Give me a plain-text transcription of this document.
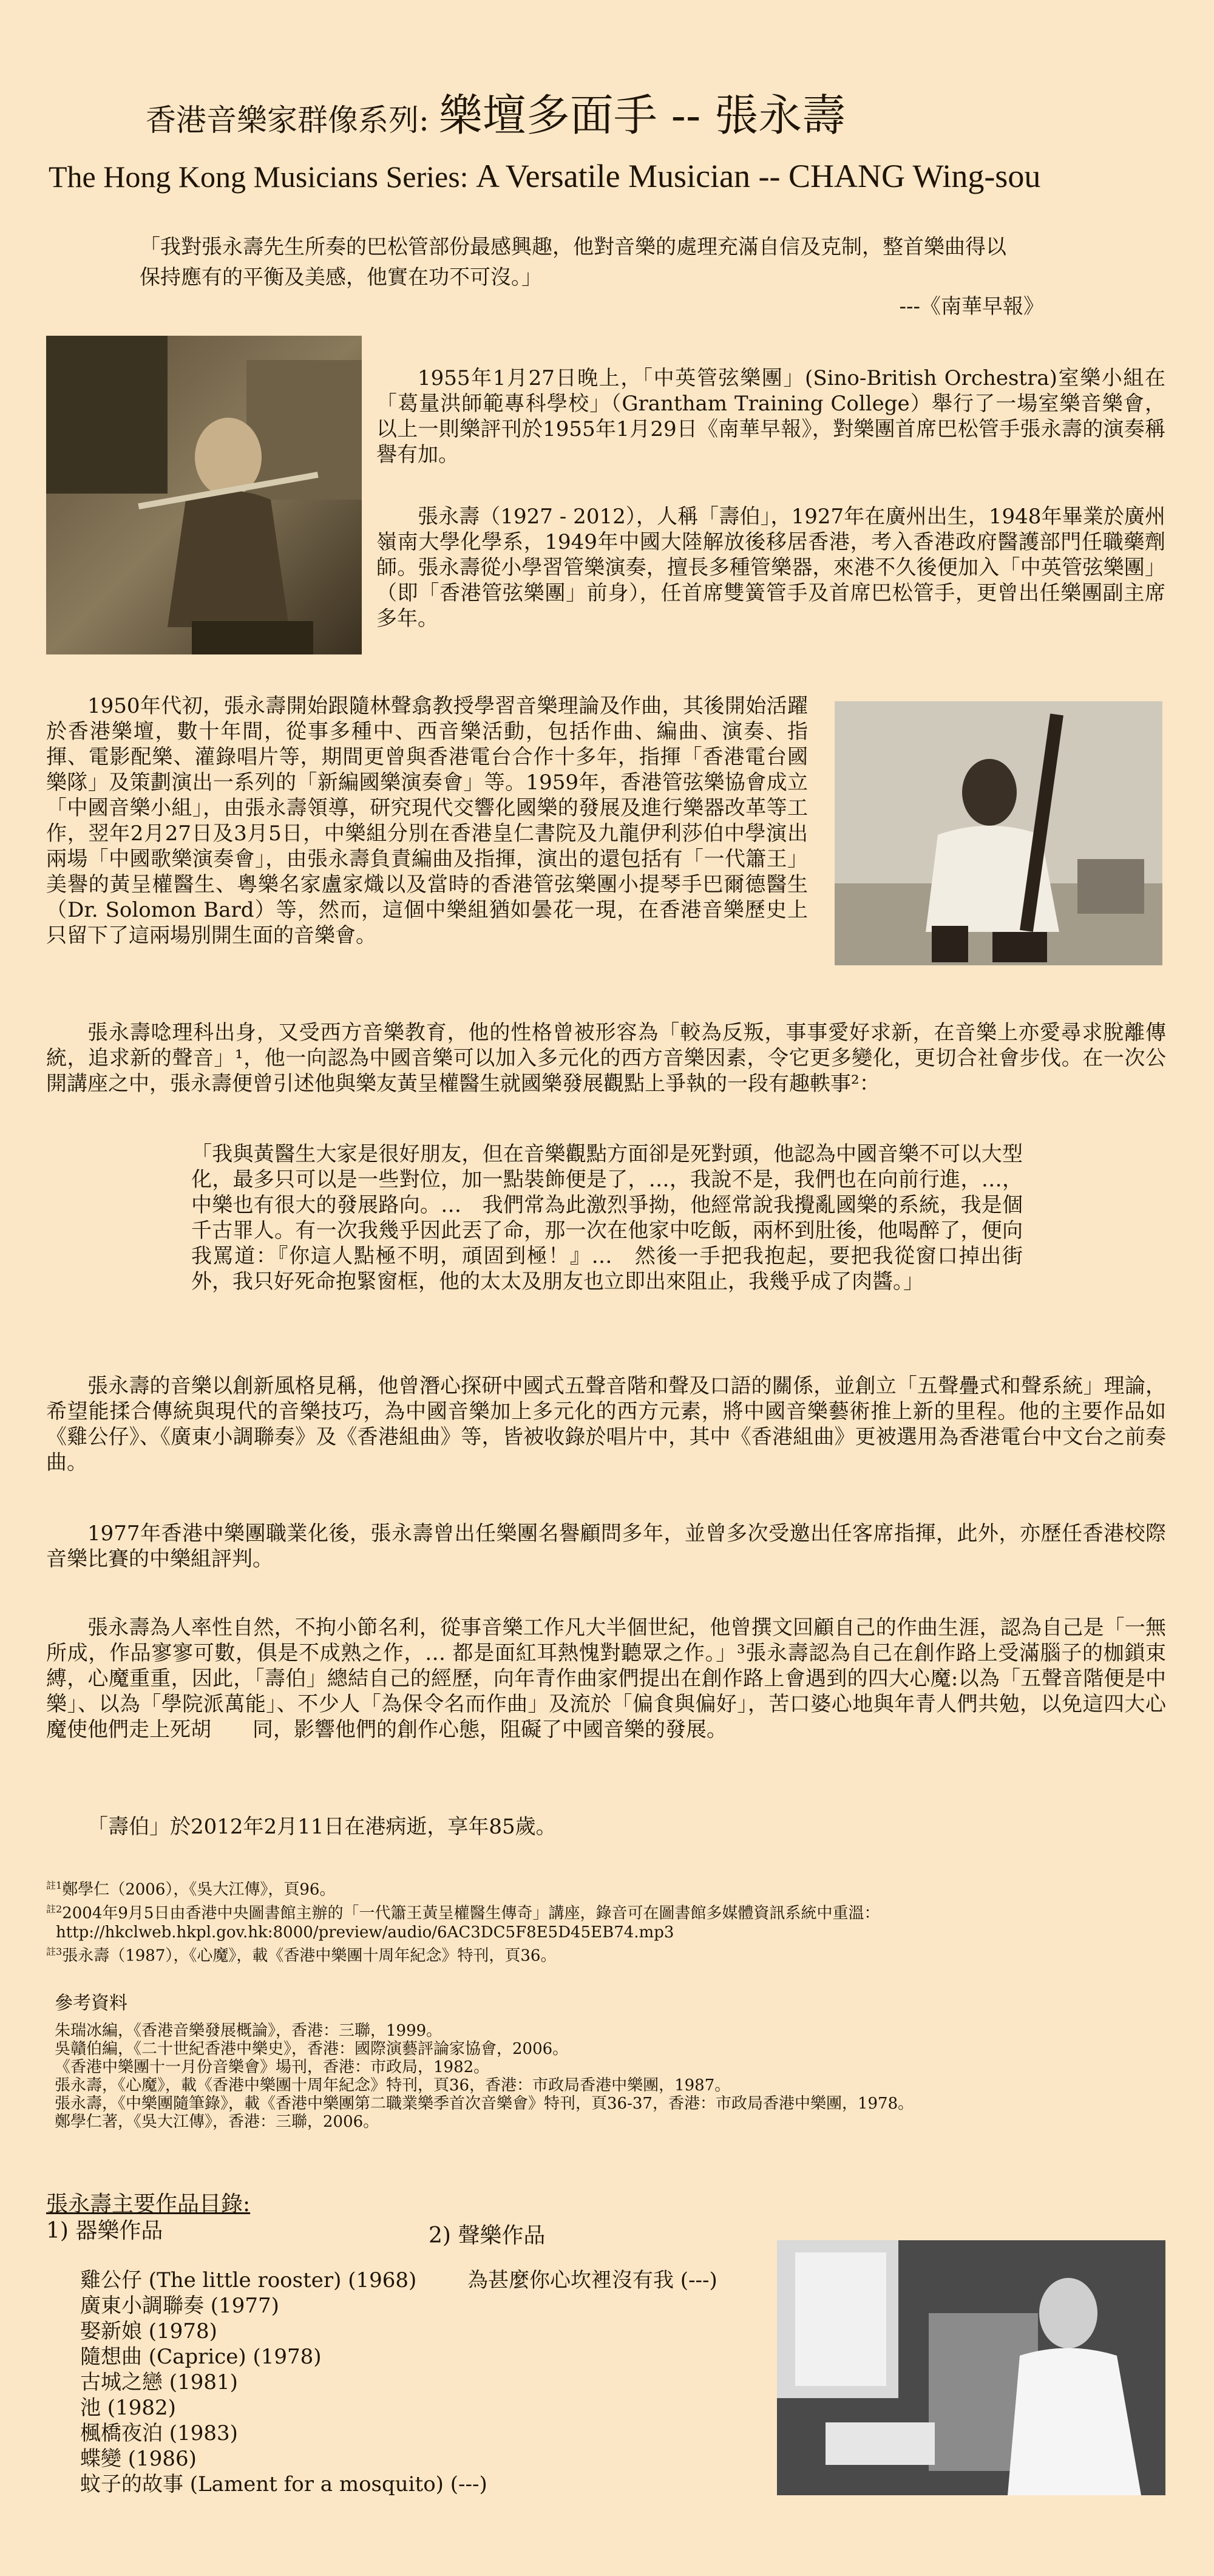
香港音樂家群像系列: 樂壇多面手 -- 張永壽
The Hong Kong Musicians Series: A Versatile Musician -- CHANG Wing-sou
「我對張永壽先生所奏的巴松管部份最感興趣，他對音樂的處理充滿自信及克制，整首樂曲得以保持應有的平衡及美感，他實在功不可沒。」
---《南華早報》
1955年1月27日晚上，「中英管弦樂團」(Sino-British Orchestra)室樂小組在「葛量洪師範專科學校」（Grantham Training College）舉行了一場室樂音樂會，以上一則樂評刊於1955年1月29日《南華早報》，對樂團首席巴松管手張永壽的演奏稱譽有加。
張永壽（1927 - 2012），人稱「壽伯」，1927年在廣州出生，1948年畢業於廣州嶺南大學化學系，1949年中國大陸解放後移居香港，考入香港政府醫護部門任職藥劑師。張永壽從小學習管樂演奏，擅長多種管樂器，來港不久後便加入「中英管弦樂團」（即「香港管弦樂團」前身），任首席雙簧管手及首席巴松管手，更曾出任樂團副主席多年。
1950年代初，張永壽開始跟隨林聲翕教授學習音樂理論及作曲，其後開始活躍於香港樂壇，數十年間，從事多種中、西音樂活動，包括作曲、編曲、演奏、指揮、電影配樂、灌錄唱片等，期間更曾與香港電台合作十多年，指揮「香港電台國樂隊」及策劃演出一系列的「新編國樂演奏會」等。1959年，香港管弦樂協會成立「中國音樂小組」，由張永壽領導，研究現代交響化國樂的發展及進行樂器改革等工作，翌年2月27日及3月5日，中樂組分別在香港皇仁書院及九龍伊利莎伯中學演出兩場「中國歌樂演奏會」，由張永壽負責編曲及指揮，演出的還包括有「一代簫王」美譽的黃呈權醫生、粵樂名家盧家熾以及當時的香港管弦樂團小提琴手巴爾德醫生（Dr. Solomon Bard）等，然而，這個中樂組猶如曇花一現，在香港音樂歷史上只留下了這兩場別開生面的音樂會。
張永壽唸理科出身，又受西方音樂教育，他的性格曾被形容為「較為反叛，事事愛好求新，在音樂上亦愛尋求脫離傳統，追求新的聲音」¹，他一向認為中國音樂可以加入多元化的西方音樂因素，令它更多變化，更切合社會步伐。在一次公開講座之中，張永壽便曾引述他與樂友黃呈權醫生就國樂發展觀點上爭執的一段有趣軼事²：
「我與黃醫生大家是很好朋友，但在音樂觀點方面卻是死對頭，他認為中國音樂不可以大型化，最多只可以是一些對位，加一點裝飾便是了，…，我說不是，我們也在向前行進，…，中樂也有很大的發展路向。…　我們常為此激烈爭拗，他經常說我攪亂國樂的系統，我是個千古罪人。有一次我幾乎因此丟了命，那一次在他家中吃飯，兩杯到肚後，他喝醉了，便向我罵道：『你這人點極不明，頑固到極！』…　然後一手把我抱起，要把我從窗口掉出街外，我只好死命抱緊窗框，他的太太及朋友也立即出來阻止，我幾乎成了肉醬。」
張永壽的音樂以創新風格見稱，他曾潛心探研中國式五聲音階和聲及口語的關係，並創立「五聲疊式和聲系統」理論，希望能揉合傳統與現代的音樂技巧，為中國音樂加上多元化的西方元素，將中國音樂藝術推上新的里程。他的主要作品如《雞公仔》、《廣東小調聯奏》及《香港組曲》等，皆被收錄於唱片中，其中《香港組曲》更被選用為香港電台中文台之前奏曲。
1977年香港中樂團職業化後，張永壽曾出任樂團名譽顧問多年，並曾多次受邀出任客席指揮，此外，亦歷任香港校際音樂比賽的中樂組評判。
張永壽為人率性自然，不拘小節名利，從事音樂工作凡大半個世紀，他曾撰文回顧自己的作曲生涯，認為自己是「一無所成，作品寥寥可數，俱是不成熟之作，… 都是面紅耳熱愧對聽眾之作。」³張永壽認為自己在創作路上受滿腦子的枷鎖束縛，心魔重重，因此，「壽伯」總結自己的經歷，向年青作曲家們提出在創作路上會遇到的四大心魔:以為「五聲音階便是中樂」、以為「學院派萬能」、不少人「為保令名而作曲」及流於「偏食與偏好」，苦口婆心地與年青人們共勉，以免這四大心魔使他們走上死胡　　同，影響他們的創作心態，阻礙了中國音樂的發展。
「壽伯」於2012年2月11日在港病逝，享年85歲。
$^{註1}$鄭學仁（2006），《吳大江傳》，頁96。
$^{註2}$2004年9月5日由香港中央圖書館主辦的「一代簫王黃呈權醫生傳奇」講座，錄音可在圖書館多媒體資訊系統中重溫：
http://hkclweb.hkpl.gov.hk:8000/preview/audio/6AC3DC5F8E5D45EB74.mp3
$^{註3}$張永壽（1987），《心魔》，載《香港中樂團十周年紀念》特刊，頁36。
參考資料
朱瑞冰編，《香港音樂發展概論》，香港：三聯，1999。
吳贛伯編，《二十世紀香港中樂史》，香港：國際演藝評論家協會，2006。
《香港中樂團十一月份音樂會》場刊，香港：市政局，1982。
張永壽，《心魔》，載《香港中樂團十周年紀念》特刊，頁36，香港：市政局香港中樂團，1987。
張永壽，《中樂團隨筆錄》，載《香港中樂團第二職業樂季首次音樂會》特刊，頁36-37，香港：市政局香港中樂團，1978。
鄭學仁著，《吳大江傳》，香港：三聯，2006。
張永壽主要作品目錄:
1) 器樂作品	2) 聲樂作品
雞公仔 (The little rooster) (1968)
廣東小調聯奏 (1977)
娶新娘 (1978)
隨想曲 (Caprice) (1978)
古城之戀 (1981)
池 (1982)
楓橋夜泊 (1983)
蝶變 (1986)
蚊子的故事 (Lament for a mosquito) (---)
為甚麼你心坎裡沒有我 (---)
